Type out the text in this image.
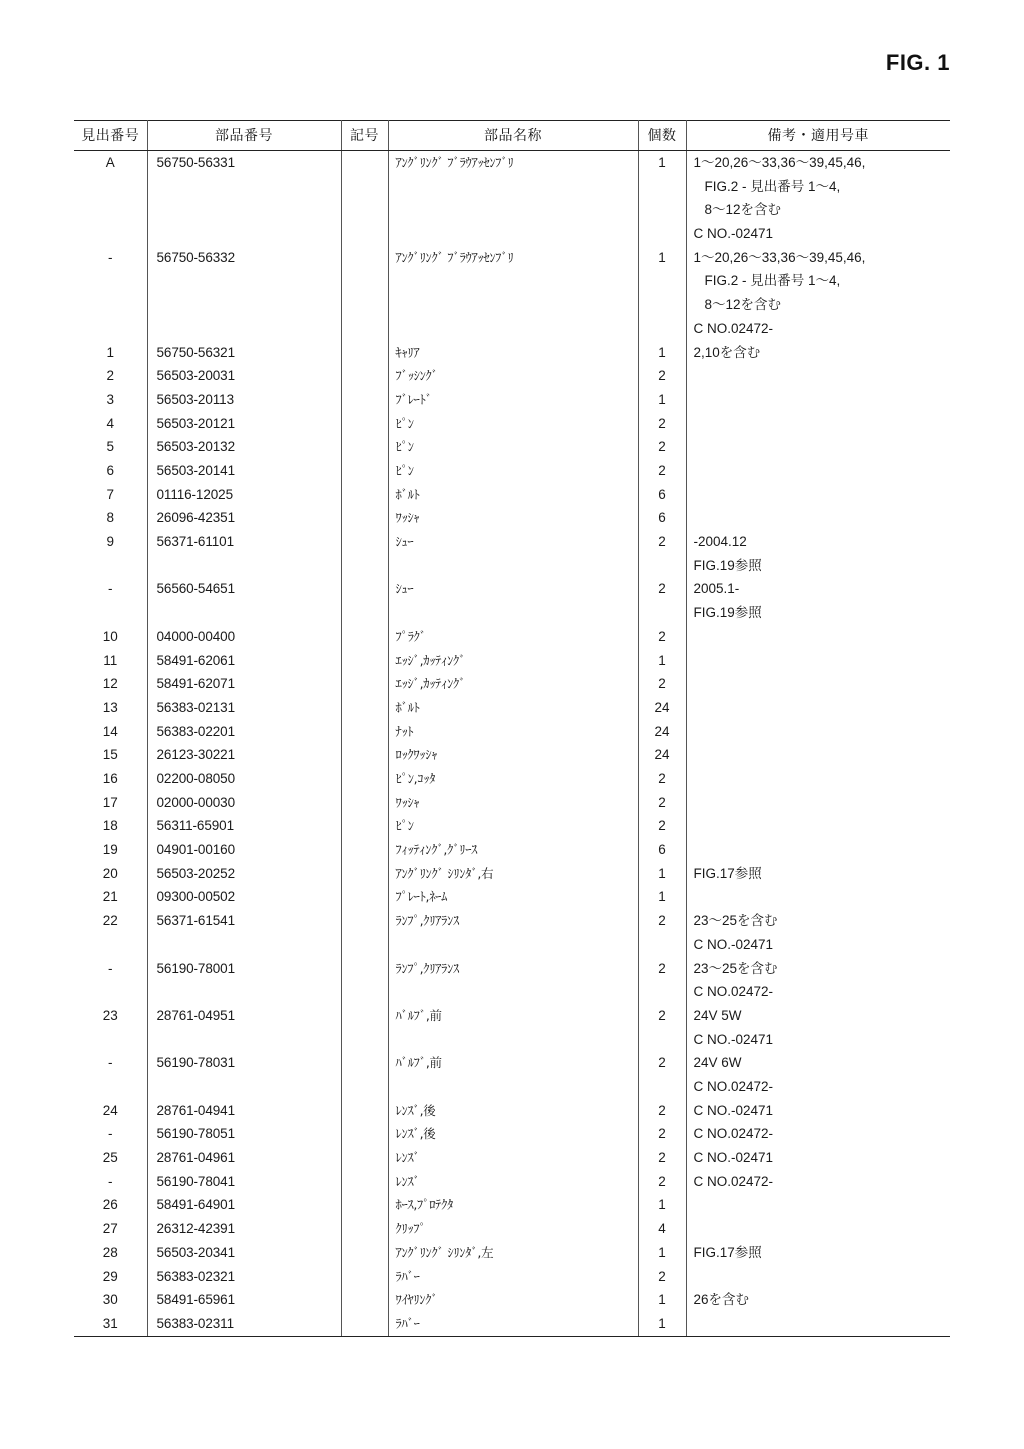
FIG. 1
見出番号	部品番号	記号	部品名称	個数	備考・適用号車

A	56750-56331		ｱﾝｸﾞﾘﾝｸﾞ ﾌﾞﾗｳｱｯｾﾝﾌﾞﾘ	1	1～20,26～33,36～39,45,46,
FIG.2 - 見出番号 1～4,
8～12を含む
C NO.-02471

-	56750-56332		ｱﾝｸﾞﾘﾝｸﾞ ﾌﾞﾗｳｱｯｾﾝﾌﾞﾘ	1	1～20,26～33,36～39,45,46,
FIG.2 - 見出番号 1～4,
8～12を含む
C NO.02472-

1	56750-56321		ｷｬﾘｱ	1	2,10を含む

2	56503-20031		ﾌﾞｯｼﾝｸﾞ	2	

3	56503-20113		ﾌﾞﾚｰﾄﾞ	1	

4	56503-20121		ﾋﾟﾝ	2	

5	56503-20132		ﾋﾟﾝ	2	

6	56503-20141		ﾋﾟﾝ	2	

7	01116-12025		ﾎﾞﾙﾄ	6	

8	26096-42351		ﾜｯｼｬ	6	

9	56371-61101		ｼｭｰ	2	-2004.12
FIG.19参照

-	56560-54651		ｼｭｰ	2	2005.1-
FIG.19参照

10	04000-00400		ﾌﾟﾗｸﾞ	2	

11	58491-62061		ｴｯｼﾞ,ｶｯﾃｨﾝｸﾞ	1	

12	58491-62071		ｴｯｼﾞ,ｶｯﾃｨﾝｸﾞ	2	

13	56383-02131		ﾎﾞﾙﾄ	24	

14	56383-02201		ﾅｯﾄ	24	

15	26123-30221		ﾛｯｸﾜｯｼｬ	24	

16	02200-08050		ﾋﾟﾝ,ｺｯﾀ	2	

17	02000-00030		ﾜｯｼｬ	2	

18	56311-65901		ﾋﾟﾝ	2	

19	04901-00160		ﾌｨｯﾃｨﾝｸﾞ,ｸﾞﾘｰｽ	6	

20	56503-20252		ｱﾝｸﾞﾘﾝｸﾞ ｼﾘﾝﾀﾞ,右	1	FIG.17参照

21	09300-00502		ﾌﾟﾚｰﾄ,ﾈｰﾑ	1	

22	56371-61541		ﾗﾝﾌﾟ,ｸﾘｱﾗﾝｽ	2	23～25を含む
C NO.-02471

-	56190-78001		ﾗﾝﾌﾟ,ｸﾘｱﾗﾝｽ	2	23～25を含む
C NO.02472-

23	28761-04951		ﾊﾞﾙﾌﾞ,前	2	24V 5W
C NO.-02471

-	56190-78031		ﾊﾞﾙﾌﾞ,前	2	24V 6W
C NO.02472-

24	28761-04941		ﾚﾝｽﾞ,後	2	C NO.-02471

-	56190-78051		ﾚﾝｽﾞ,後	2	C NO.02472-

25	28761-04961		ﾚﾝｽﾞ	2	C NO.-02471

-	56190-78041		ﾚﾝｽﾞ	2	C NO.02472-

26	58491-64901		ﾎｰｽ,ﾌﾟﾛﾃｸﾀ	1	

27	26312-42391		ｸﾘｯﾌﾟ	4	

28	56503-20341		ｱﾝｸﾞﾘﾝｸﾞ ｼﾘﾝﾀﾞ,左	1	FIG.17参照

29	56383-02321		ﾗﾊﾞｰ	2	

30	58491-65961		ﾜｲﾔﾘﾝｸﾞ	1	26を含む

31	56383-02311		ﾗﾊﾞｰ	1	
